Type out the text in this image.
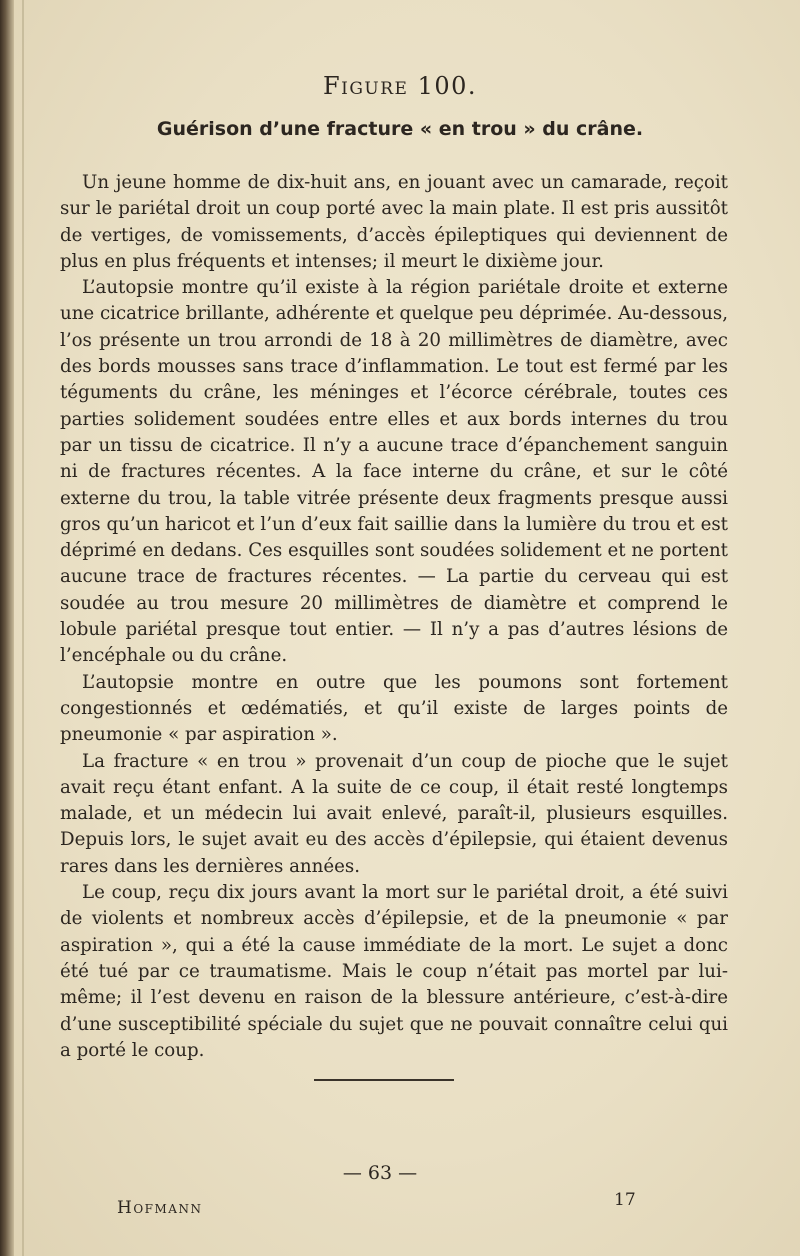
Figure 100.
Guérison d’une fracture « en trou » du crâne.

Un jeune homme de dix-huit ans, en jouant avec un camarade, reçoit sur le pariétal droit un coup porté avec la main plate. Il est pris aussitôt de vertiges, de vomissements, d’accès épileptiques qui deviennent de plus en plus fréquents et intenses; il meurt le dixième jour.

L’autopsie montre qu’il existe à la région pariétale droite et externe une cicatrice brillante, adhérente et quelque peu déprimée. Au-dessous, l’os présente un trou arrondi de 18 à 20 millimètres de diamètre, avec des bords mousses sans trace d’inflammation. Le tout est fermé par les téguments du crâne, les méninges et l’écorce cérébrale, toutes ces parties solidement soudées entre elles et aux bords internes du trou par un tissu de cicatrice. Il n’y a aucune trace d’épanchement sanguin ni de fractures récentes. A la face interne du crâne, et sur le côté externe du trou, la table vitrée présente deux fragments presque aussi gros qu’un haricot et l’un d’eux fait saillie dans la lumière du trou et est déprimé en dedans. Ces esquilles sont soudées solidement et ne portent aucune trace de fractures récentes. — La partie du cerveau qui est soudée au trou mesure 20 millimètres de diamètre et comprend le lobule pariétal presque tout entier. — Il n’y a pas d’autres lésions de l’encéphale ou du crâne.

L’autopsie montre en outre que les poumons sont fortement congestionnés et œdématiés, et qu’il existe de larges points de pneumonie « par aspiration ».

La fracture « en trou » provenait d’un coup de pioche que le sujet avait reçu étant enfant. A la suite de ce coup, il était resté longtemps malade, et un médecin lui avait enlevé, paraît-il, plusieurs esquilles. Depuis lors, le sujet avait eu des accès d’épilepsie, qui étaient devenus rares dans les dernières années.

Le coup, reçu dix jours avant la mort sur le pariétal droit, a été suivi de violents et nombreux accès d’épilepsie, et de la pneumonie « par aspiration », qui a été la cause immédiate de la mort. Le sujet a donc été tué par ce traumatisme. Mais le coup n’était pas mortel par lui-même; il l’est devenu en raison de la blessure antérieure, c’est-à-dire d’une susceptibilité spéciale du sujet que ne pouvait connaître celui qui a porté le coup.

— 63 —
Hofmann	17
